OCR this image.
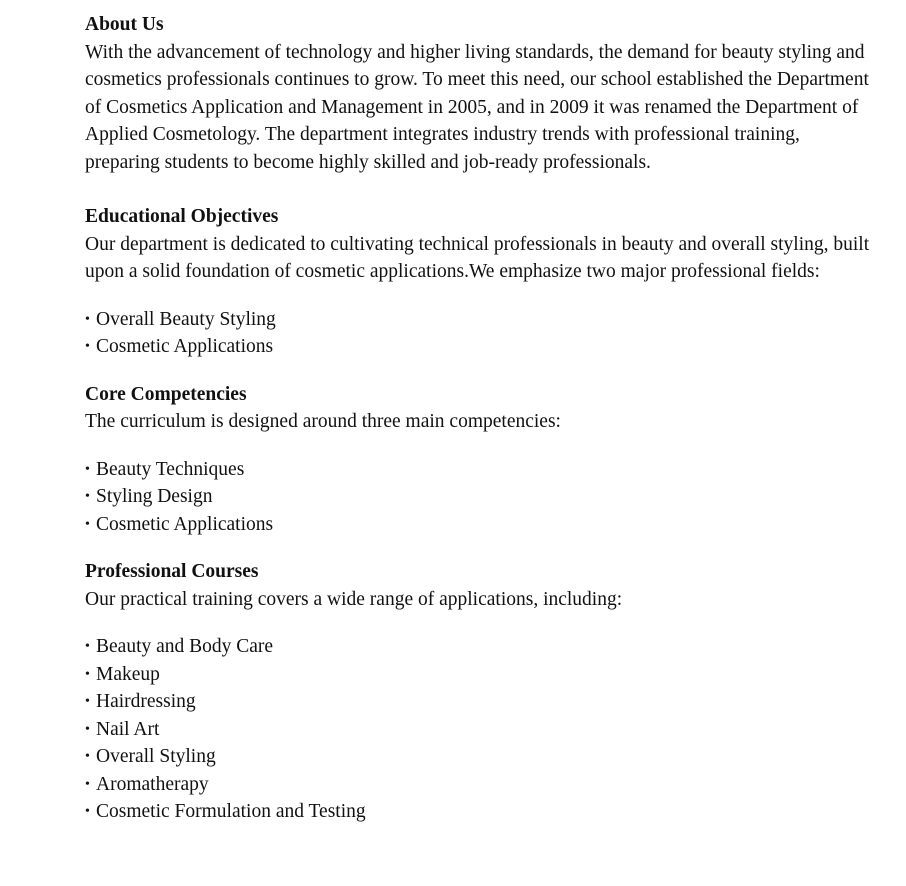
About Us

With the advancement of technology and higher living standards, the demand for beauty styling and cosmetics professionals continues to grow. To meet this need, our school established the Department of Cosmetics Application and Management in 2005, and in 2009 it was renamed the Department of Applied Cosmetology. The department integrates industry trends with professional training, preparing students to become highly skilled and job-ready professionals.

Educational Objectives

Our department is dedicated to cultivating technical professionals in beauty and overall styling, built upon a solid foundation of cosmetic applications.We emphasize two major professional fields:

• Overall Beauty Styling
• Cosmetic Applications
Core Competencies

The curriculum is designed around three main competencies:

• Beauty Techniques
• Styling Design
• Cosmetic Applications
Professional Courses

Our practical training covers a wide range of applications, including:

• Beauty and Body Care
• Makeup
• Hairdressing
• Nail Art
• Overall Styling
• Aromatherapy
• Cosmetic Formulation and Testing
